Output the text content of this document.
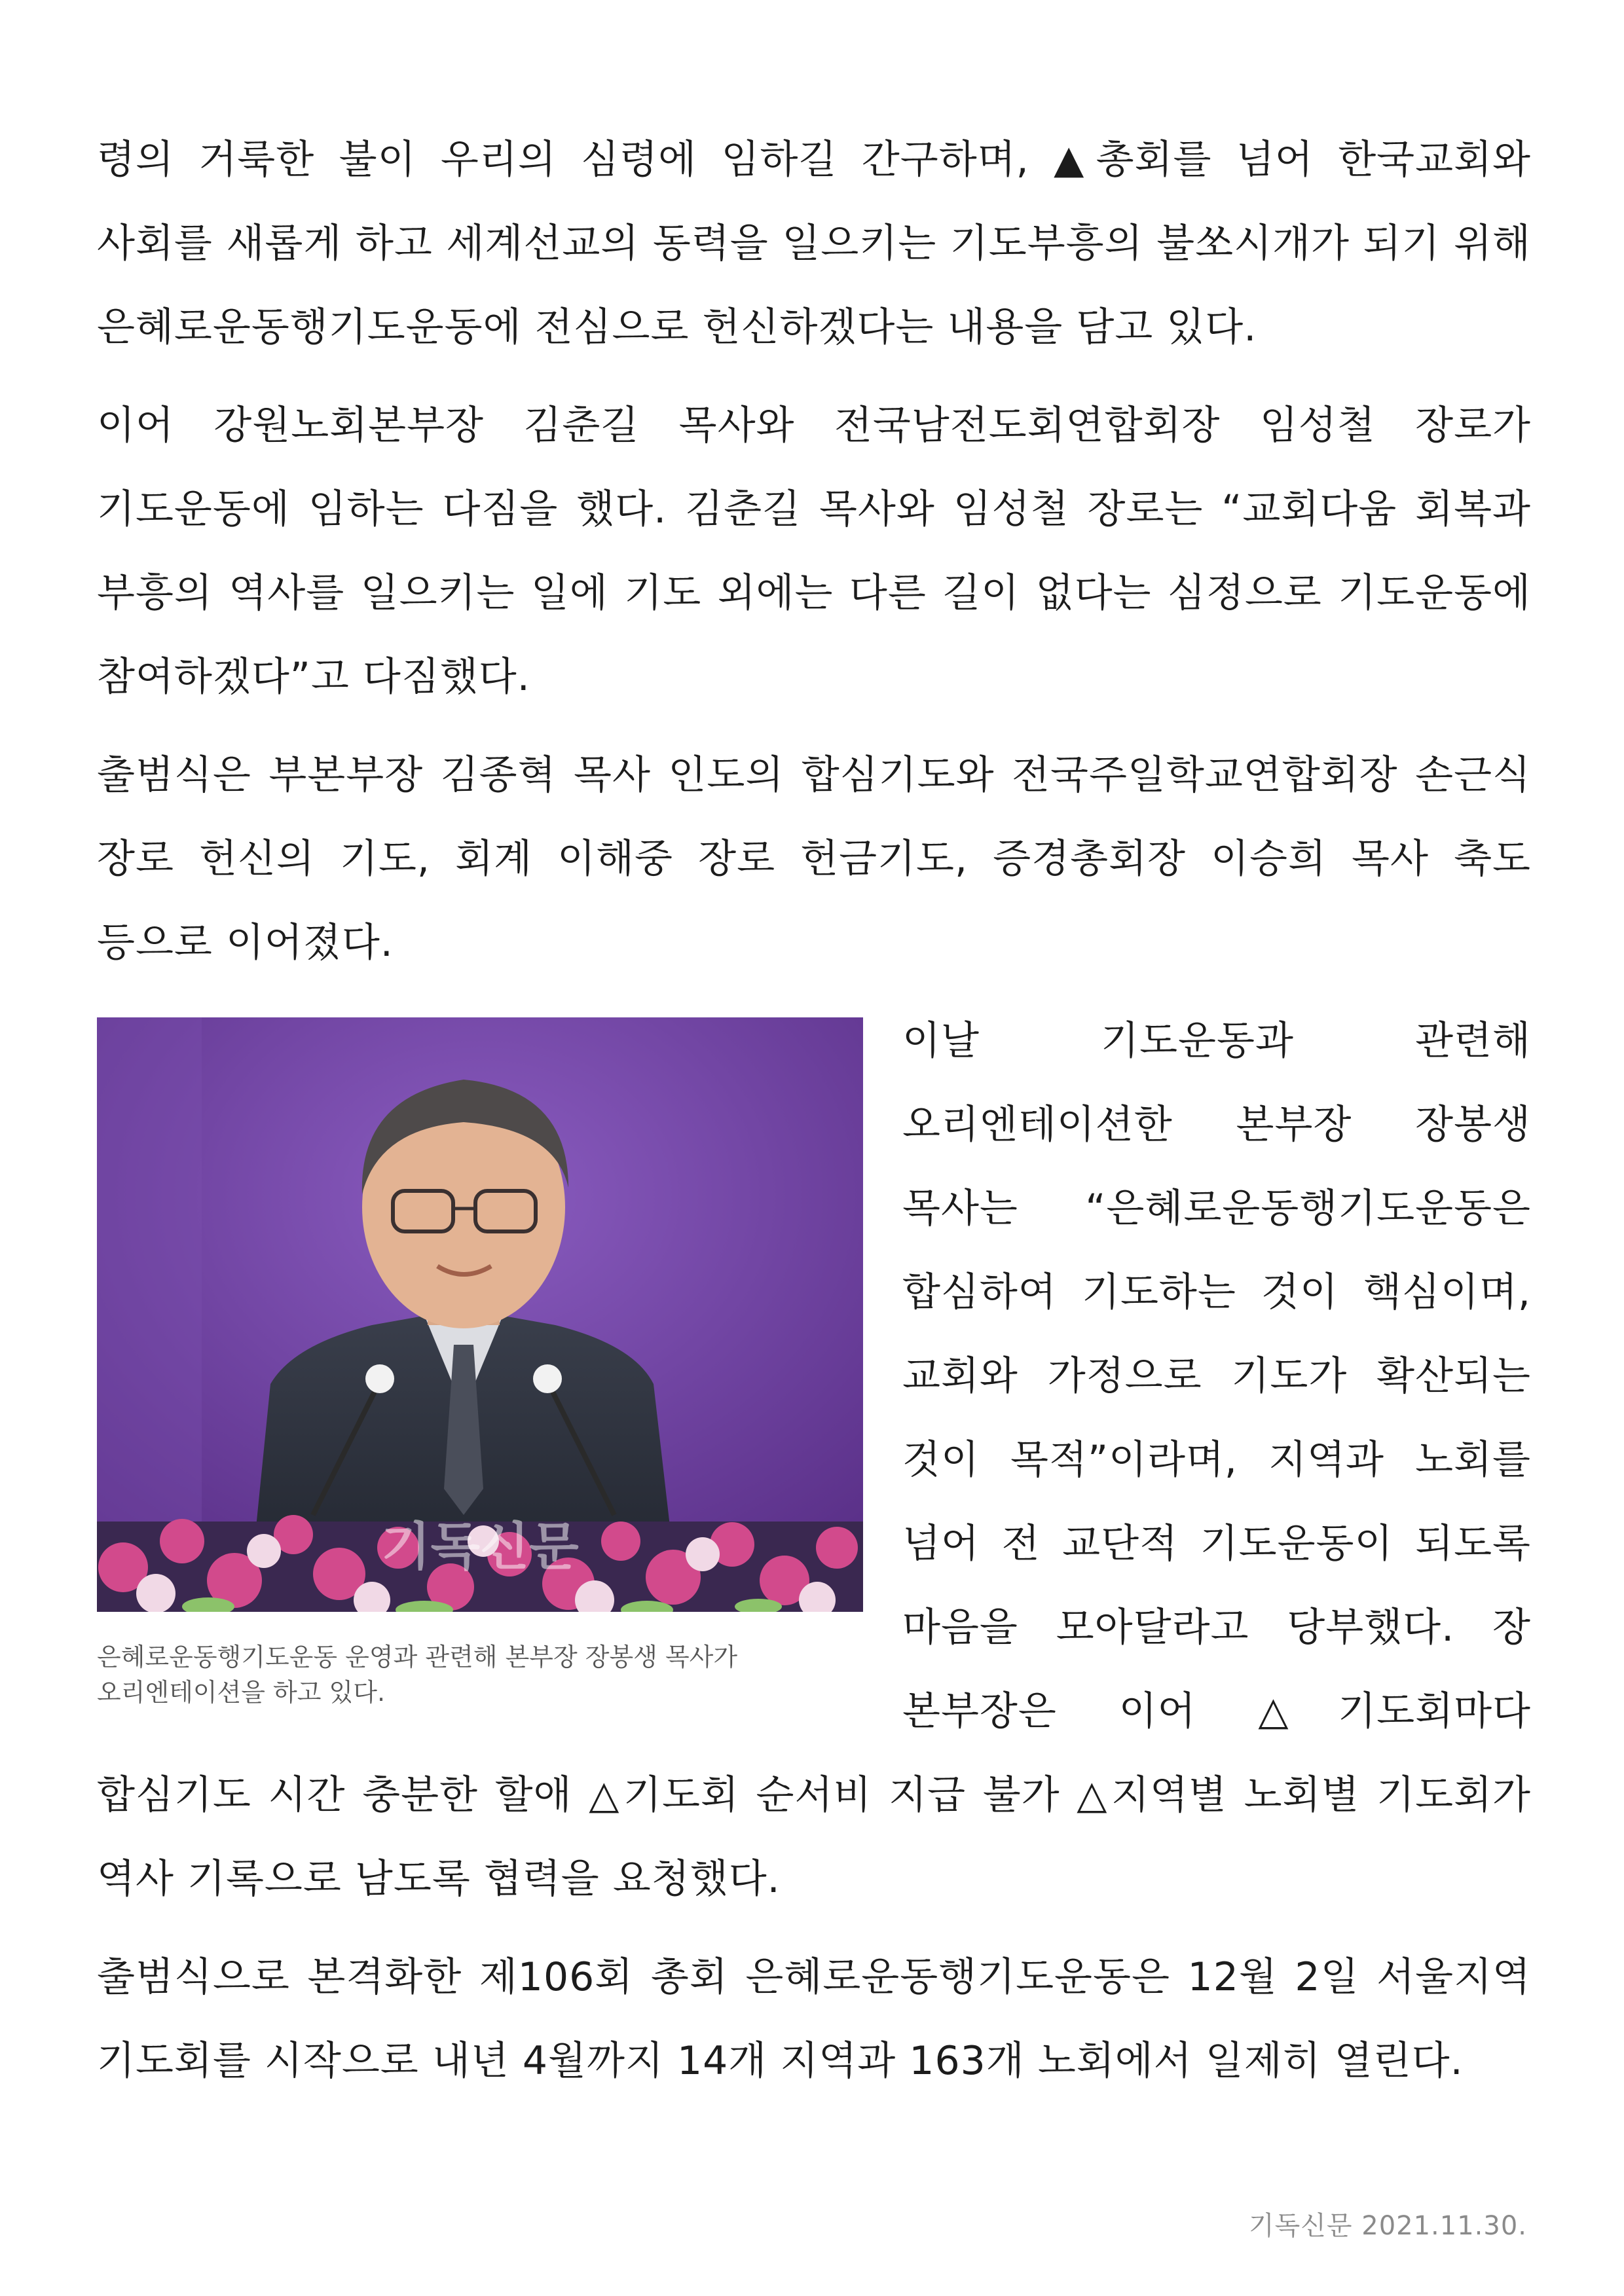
령의 거룩한 불이 우리의 심령에 임하길 간구하며, ▲총회를 넘어 한국교회와 사회를 새롭게 하고 세계선교의 동력을 일으키는 기도부흥의 불쏘시개가 되기 위해 은혜로운동행기도운동에 전심으로 헌신하겠다는 내용을 담고 있다.

이어 강원노회본부장 김춘길 목사와 전국남전도회연합회장 임성철 장로가 기도운동에 임하는 다짐을 했다. 김춘길 목사와 임성철 장로는 “교회다움 회복과 부흥의 역사를 일으키는 일에 기도 외에는 다른 길이 없다는 심정으로 기도운동에 참여하겠다”고 다짐했다.

출범식은 부본부장 김종혁 목사 인도의 합심기도와 전국주일학교연합회장 손근식 장로 헌신의 기도, 회계 이해중 장로 헌금기도, 증경총회장 이승희 목사 축도 등으로 이어졌다.

기독신문
은혜로운동행기도운동 운영과 관련해 본부장 장봉생 목사가 오리엔테이션을 하고 있다.

이날 기도운동과 관련해 오리엔테이션한 본부장 장봉생 목사는 “은혜로운동행기도운동은 합심하여 기도하는 것이 핵심이며, 교회와 가정으로 기도가 확산되는 것이 목적”이라며, 지역과 노회를 넘어 전 교단적 기도운동이 되도록 마음을 모아달라고 당부했다. 장 본부장은 이어 △기도회마다 합심기도 시간 충분한 할애 △기도회 순서비 지급 불가 △지역별 노회별 기도회가 역사 기록으로 남도록 협력을 요청했다.

출범식으로 본격화한 제106회 총회 은혜로운동행기도운동은 12월 2일 서울지역 기도회를 시작으로 내년 4월까지 14개 지역과 163개 노회에서 일제히 열린다.

기독신문 2021.11.30.
